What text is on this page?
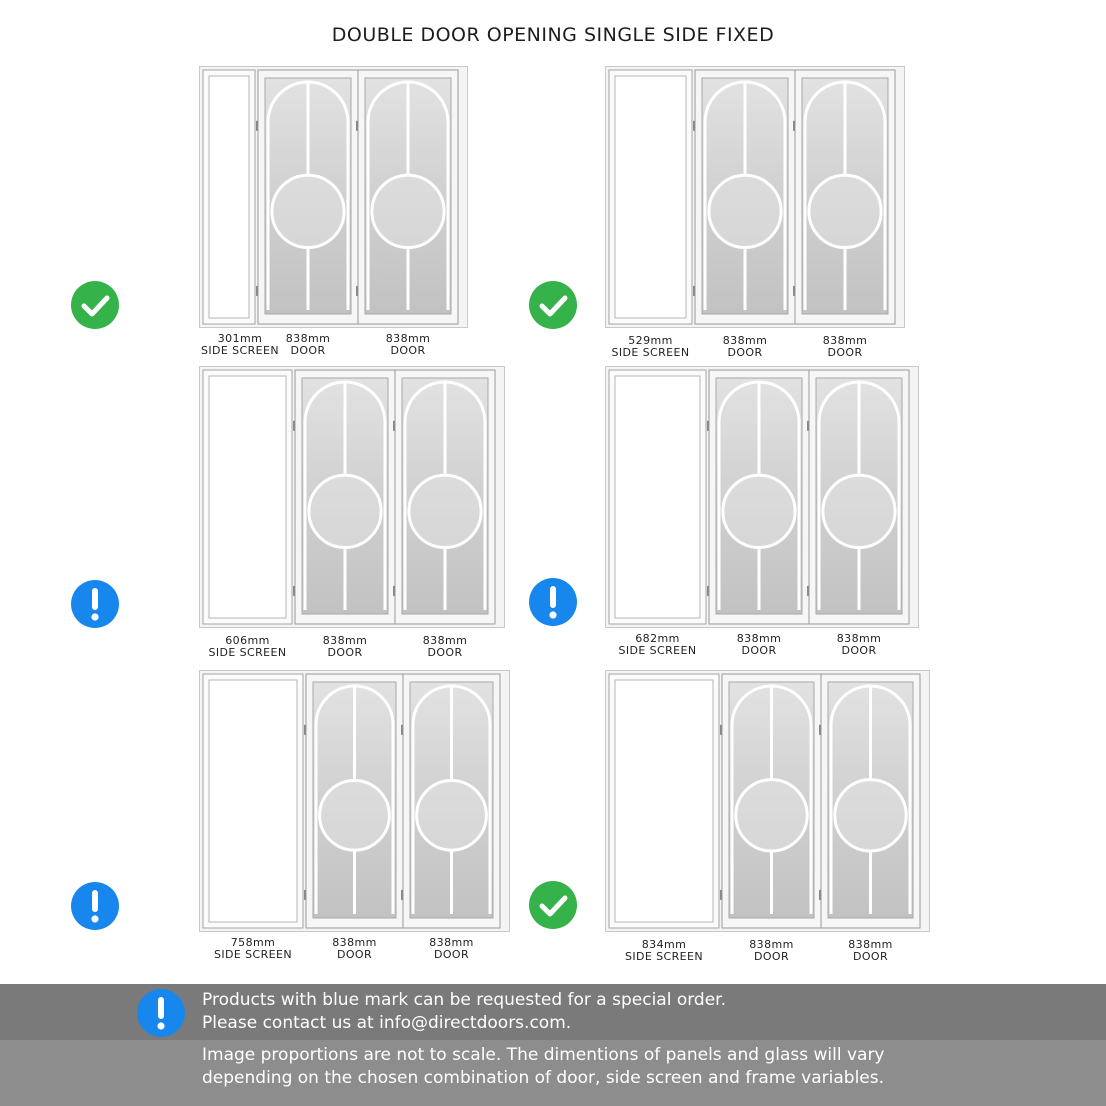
DOUBLE DOOR OPENING SINGLE SIDE FIXED
Products with blue mark can be requested for a special order.
Please contact us at info@directdoors.com.
Image proportions are not to scale. The dimentions of panels and glass will vary
depending on the chosen combination of door, side screen and frame variables.
301mm
SIDE SCREEN
838mm
DOOR
838mm
DOOR
529mm
SIDE SCREEN
838mm
DOOR
838mm
DOOR
606mm
SIDE SCREEN
838mm
DOOR
838mm
DOOR
682mm
SIDE SCREEN
838mm
DOOR
838mm
DOOR
758mm
SIDE SCREEN
838mm
DOOR
838mm
DOOR
834mm
SIDE SCREEN
838mm
DOOR
838mm
DOOR
